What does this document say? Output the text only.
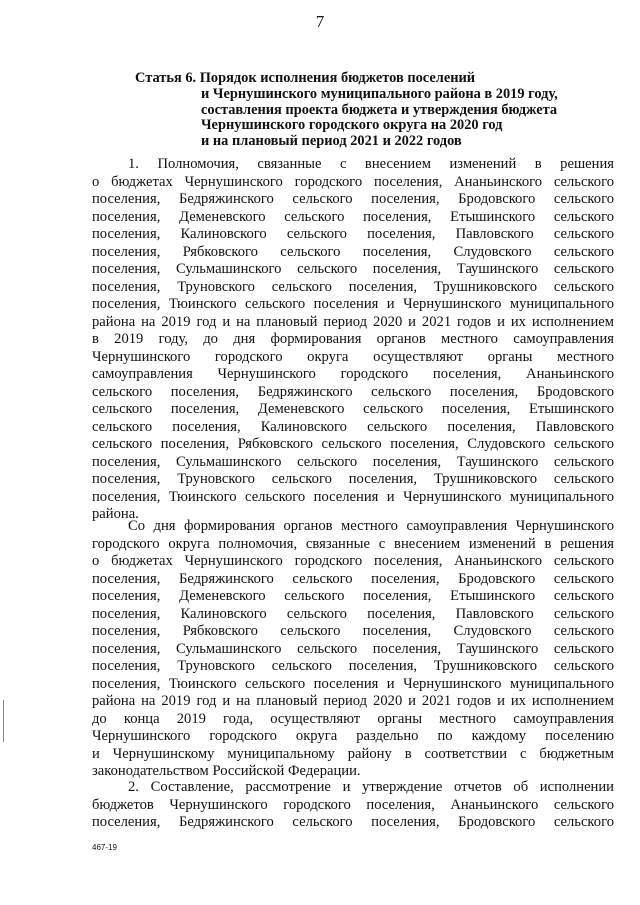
7
Статья 6. Порядок исполнения бюджетов поселений
и Чернушинского муниципального района в 2019 году,
составления проекта бюджета и утверждения бюджета
Чернушинского городского округа на 2020 год
и на плановый период 2021 и 2022 годов
1. Полномочия, связанные с внесением изменений в решения
о бюджетах Чернушинского городского поселения, Ананьинского сельского
поселения, Бедряжинского сельского поселения, Бродовского сельского
поселения, Деменевского сельского поселения, Етышинского сельского
поселения, Калиновского сельского поселения, Павловского сельского
поселения, Рябковского сельского поселения, Слудовского сельского
поселения, Сульмашинского сельского поселения, Таушинского сельского
поселения, Труновского сельского поселения, Трушниковского сельского
поселения, Тюинского сельского поселения и Чернушинского муниципального
района на 2019 год и на плановый период 2020 и 2021 годов и их исполнением
в 2019 году, до дня формирования органов местного самоуправления
Чернушинского городского округа осуществляют органы местного
самоуправления Чернушинского городского поселения, Ананьинского
сельского поселения, Бедряжинского сельского поселения, Бродовского
сельского поселения, Деменевского сельского поселения, Етышинского
сельского поселения, Калиновского сельского поселения, Павловского
сельского поселения, Рябковского сельского поселения, Слудовского сельского
поселения, Сульмашинского сельского поселения, Таушинского сельского
поселения, Труновского сельского поселения, Трушниковского сельского
поселения, Тюинского сельского поселения и Чернушинского муниципального
района.
Со дня формирования органов местного самоуправления Чернушинского
городского округа полномочия, связанные с внесением изменений в решения
о бюджетах Чернушинского городского поселения, Ананьинского сельского
поселения, Бедряжинского сельского поселения, Бродовского сельского
поселения, Деменевского сельского поселения, Етышинского сельского
поселения, Калиновского сельского поселения, Павловского сельского
поселения, Рябковского сельского поселения, Слудовского сельского
поселения, Сульмашинского сельского поселения, Таушинского сельского
поселения, Труновского сельского поселения, Трушниковского сельского
поселения, Тюинского сельского поселения и Чернушинского муниципального
района на 2019 год и на плановый период 2020 и 2021 годов и их исполнением
до конца 2019 года, осуществляют органы местного самоуправления
Чернушинского городского округа раздельно по каждому поселению
и Чернушинскому муниципальному району в соответствии с бюджетным
законодательством Российской Федерации.
2. Составление, рассмотрение и утверждение отчетов об исполнении
бюджетов Чернушинского городского поселения, Ананьинского сельского
поселения, Бедряжинского сельского поселения, Бродовского сельского
467-19
